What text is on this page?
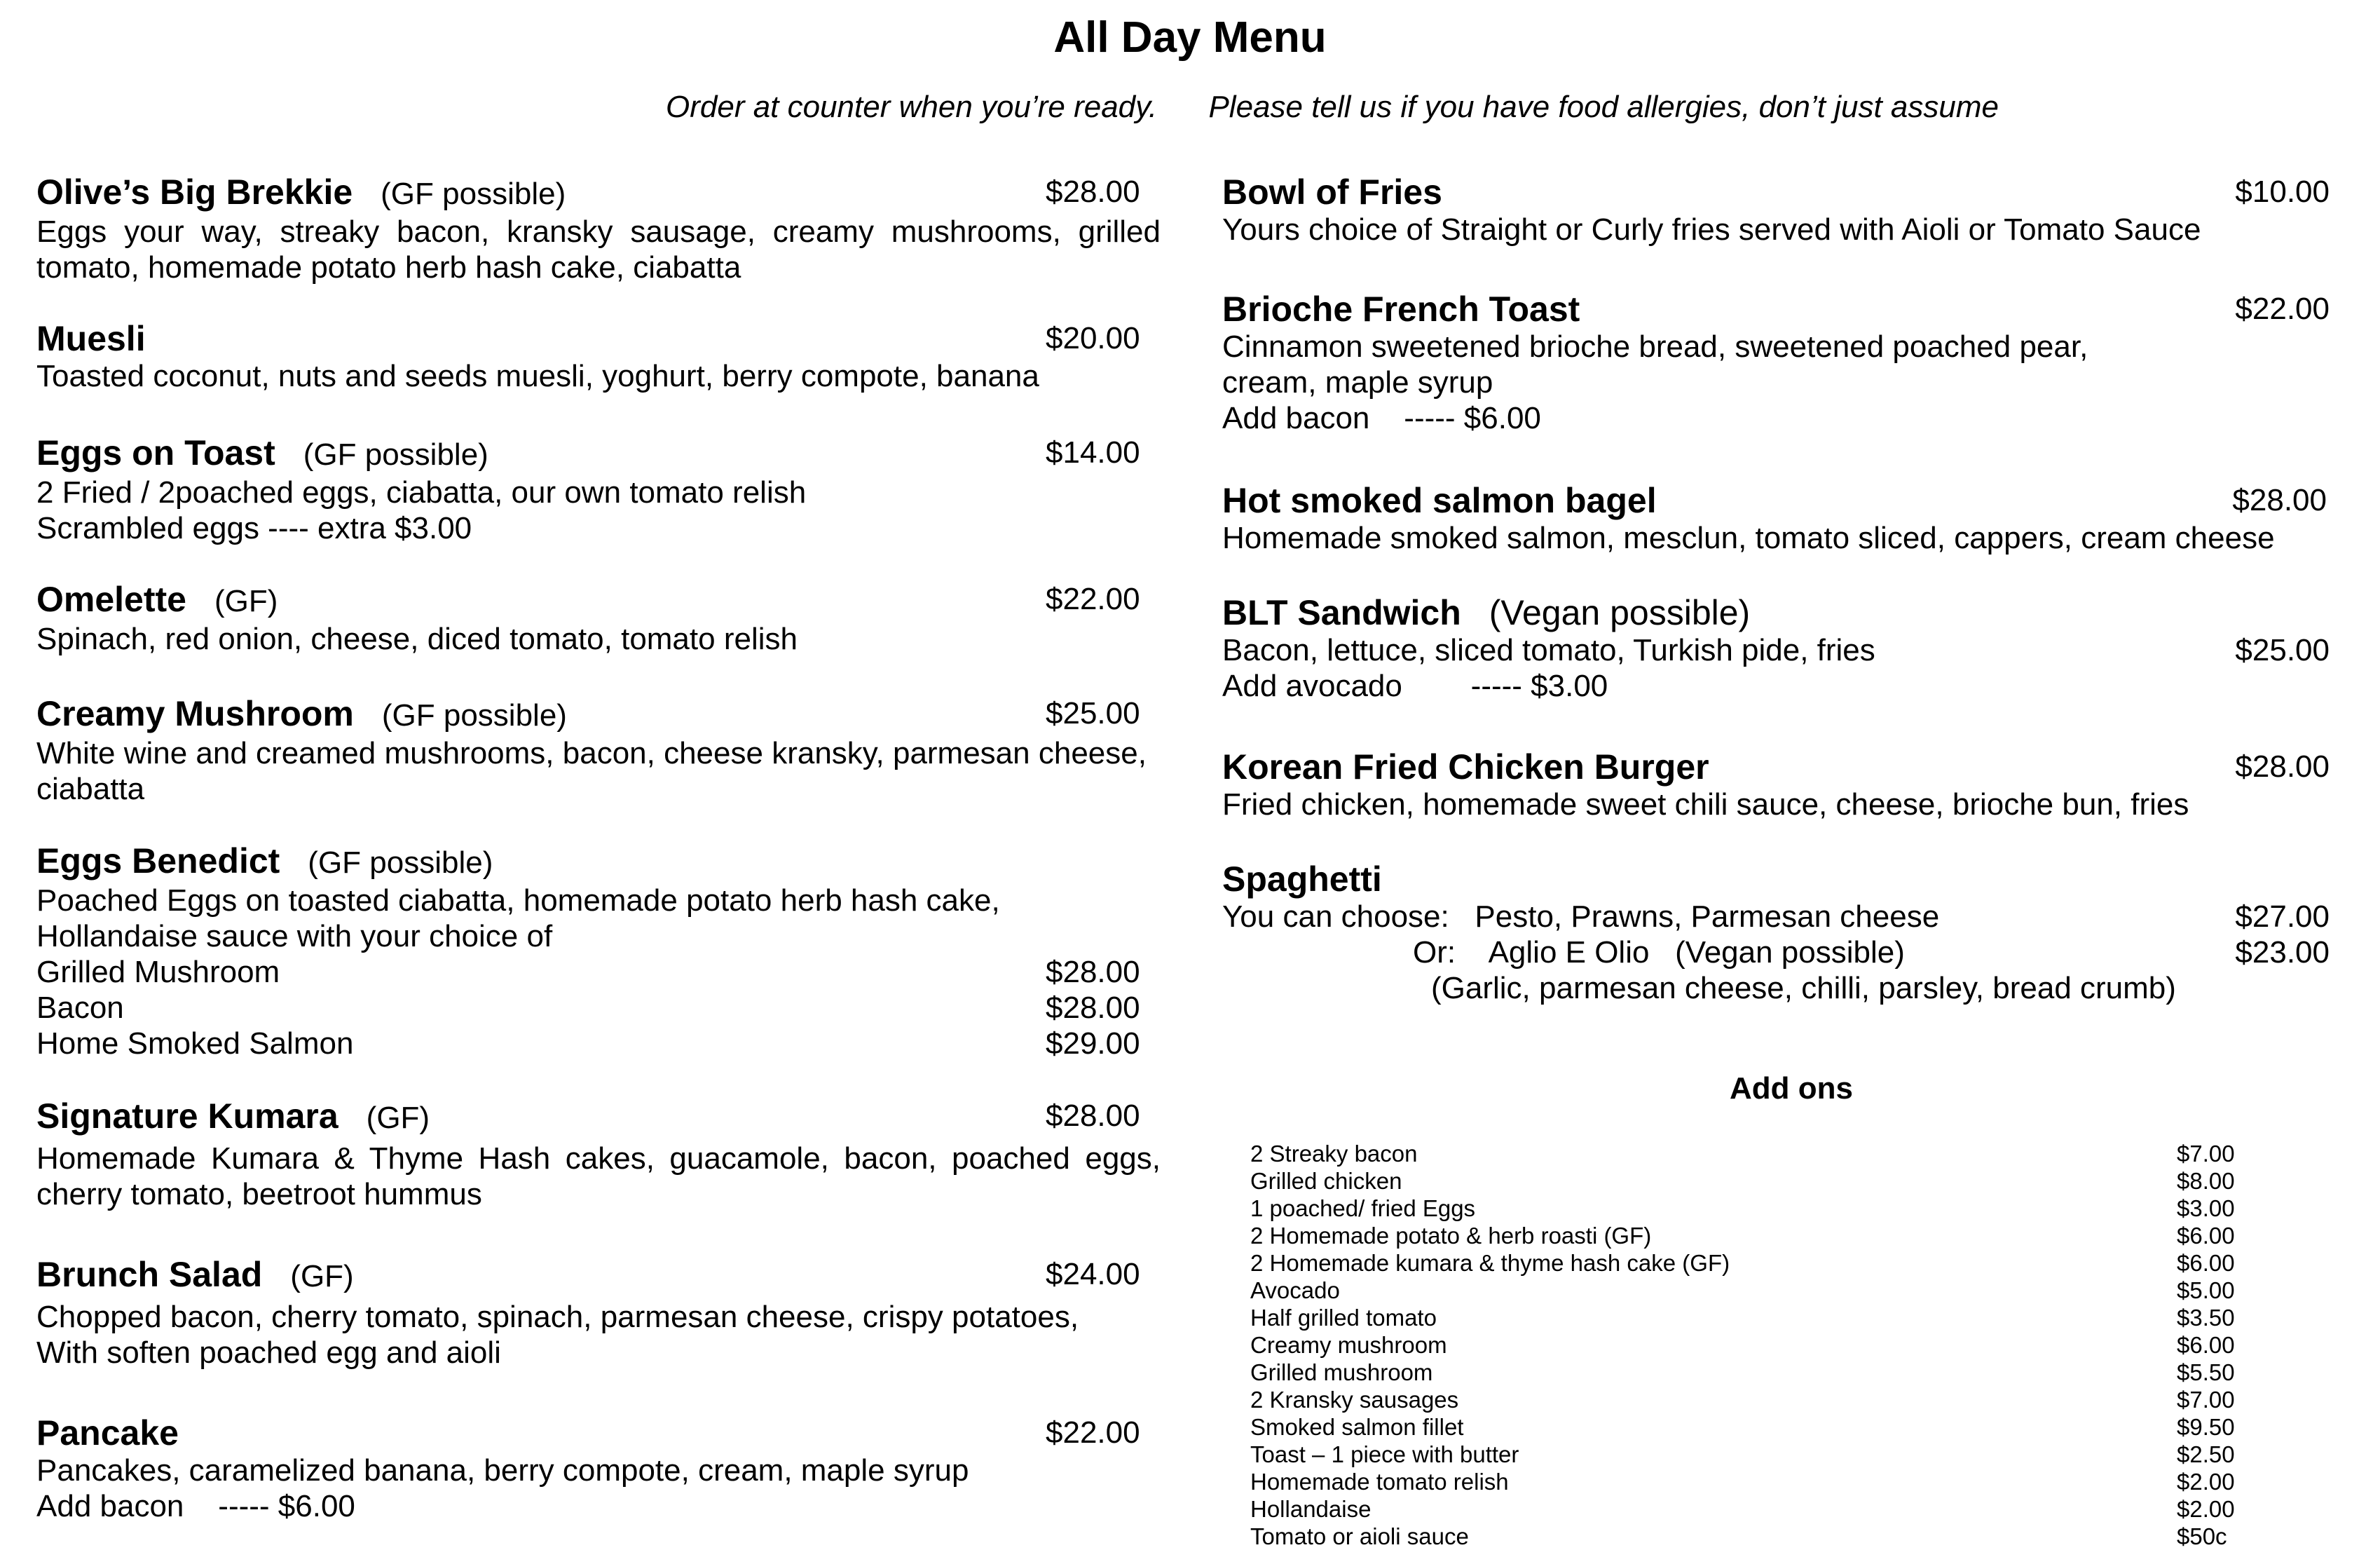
All Day Menu
Order at counter when you’re ready.      Please tell us if you have food allergies, don’t just assume
Olive’s Big Brekkie (GF possible)	$28.00
Eggs your way, streaky bacon, kransky sausage, creamy mushrooms, grilled tomato, homemade potato herb hash cake, ciabatta
Muesli	$20.00
Toasted coconut, nuts and seeds muesli, yoghurt, berry compote, banana
Eggs on Toast (GF possible)	$14.00
2 Fried / 2poached eggs, ciabatta, our own tomato relish
Scrambled eggs ---- extra $3.00
Omelette (GF)	$22.00
Spinach, red onion, cheese, diced tomato, tomato relish
Creamy Mushroom (GF possible)	$25.00
White wine and creamed mushrooms, bacon, cheese kransky, parmesan cheese, ciabatta
Eggs Benedict (GF possible)
Poached Eggs on toasted ciabatta, homemade potato herb hash cake,
Hollandaise sauce with your choice of
Grilled Mushroom	$28.00
Bacon	$28.00
Home Smoked Salmon	$29.00
Signature Kumara (GF)	$28.00
Homemade Kumara & Thyme Hash cakes, guacamole, bacon, poached eggs, cherry tomato, beetroot hummus
Brunch Salad (GF)	$24.00
Chopped bacon, cherry tomato, spinach, parmesan cheese, crispy potatoes,
With soften poached egg and aioli
Pancake	$22.00
Pancakes, caramelized banana, berry compote, cream, maple syrup
Add bacon    ----- $6.00
Bowl of Fries	$10.00
Yours choice of Straight or Curly fries served with Aioli or Tomato Sauce
Brioche French Toast	$22.00
Cinnamon sweetened brioche bread, sweetened poached pear,
cream, maple syrup
Add bacon    ----- $6.00
Hot smoked salmon bagel	$28.00
Homemade smoked salmon, mesclun, tomato sliced, cappers, cream cheese
BLT Sandwich (Vegan possible)
Bacon, lettuce, sliced tomato, Turkish pide, fries	$25.00
Add avocado        ----- $3.00
Korean Fried Chicken Burger	$28.00
Fried chicken, homemade sweet chili sauce, cheese, brioche bun, fries
Spaghetti
You can choose:   Pesto, Prawns, Parmesan cheese	$27.00
Or:    Aglio E Olio   (Vegan possible)	$23.00
(Garlic, parmesan cheese, chilli, parsley, bread crumb)
Add ons
2 Streaky bacon	$7.00
Grilled chicken	$8.00
1 poached/ fried Eggs	$3.00
2 Homemade potato & herb roasti (GF)	$6.00
2 Homemade kumara & thyme hash cake (GF)	$6.00
Avocado	$5.00
Half grilled tomato	$3.50
Creamy mushroom	$6.00
Grilled mushroom	$5.50
2 Kransky sausages	$7.00
Smoked salmon fillet	$9.50
Toast – 1 piece with butter	$2.50
Homemade tomato relish	$2.00
Hollandaise	$2.00
Tomato or aioli sauce	$50c
